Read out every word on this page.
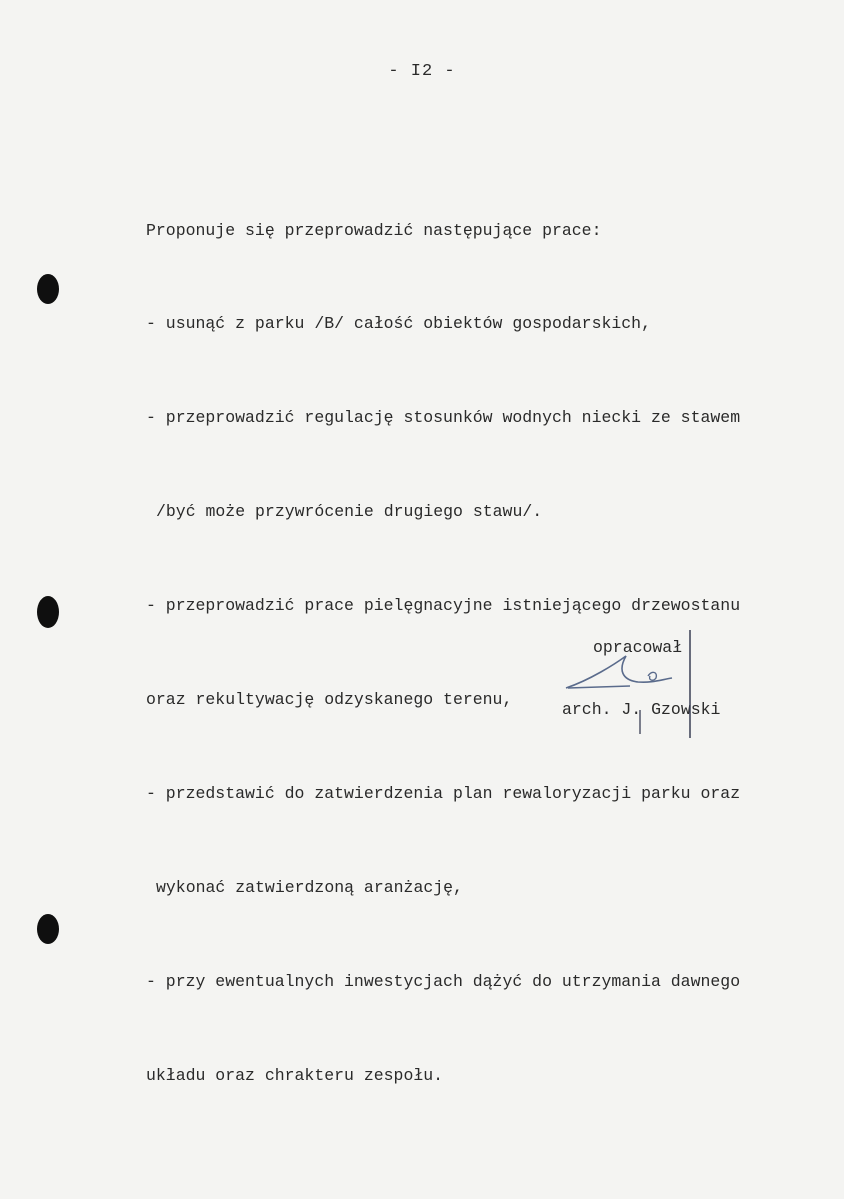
- I2 -

Proponuje się przeprowadzić następujące prace:

- usunąć z parku /B/ całość obiektów gospodarskich,

- przeprowadzić regulację stosunków wodnych niecki ze stawem

/być może przywrócenie drugiego stawu/.

- przeprowadzić prace pielęgnacyjne istniejącego drzewostanu

oraz rekultywację odzyskanego terenu,

- przedstawić do zatwierdzenia plan rewaloryzacji parku oraz

wykonać zatwierdzoną aranżację,

- przy ewentualnych inwestycjach dążyć do utrzymania dawnego

układu oraz chrakteru zespołu.

opracował
arch. J. Gzowski
